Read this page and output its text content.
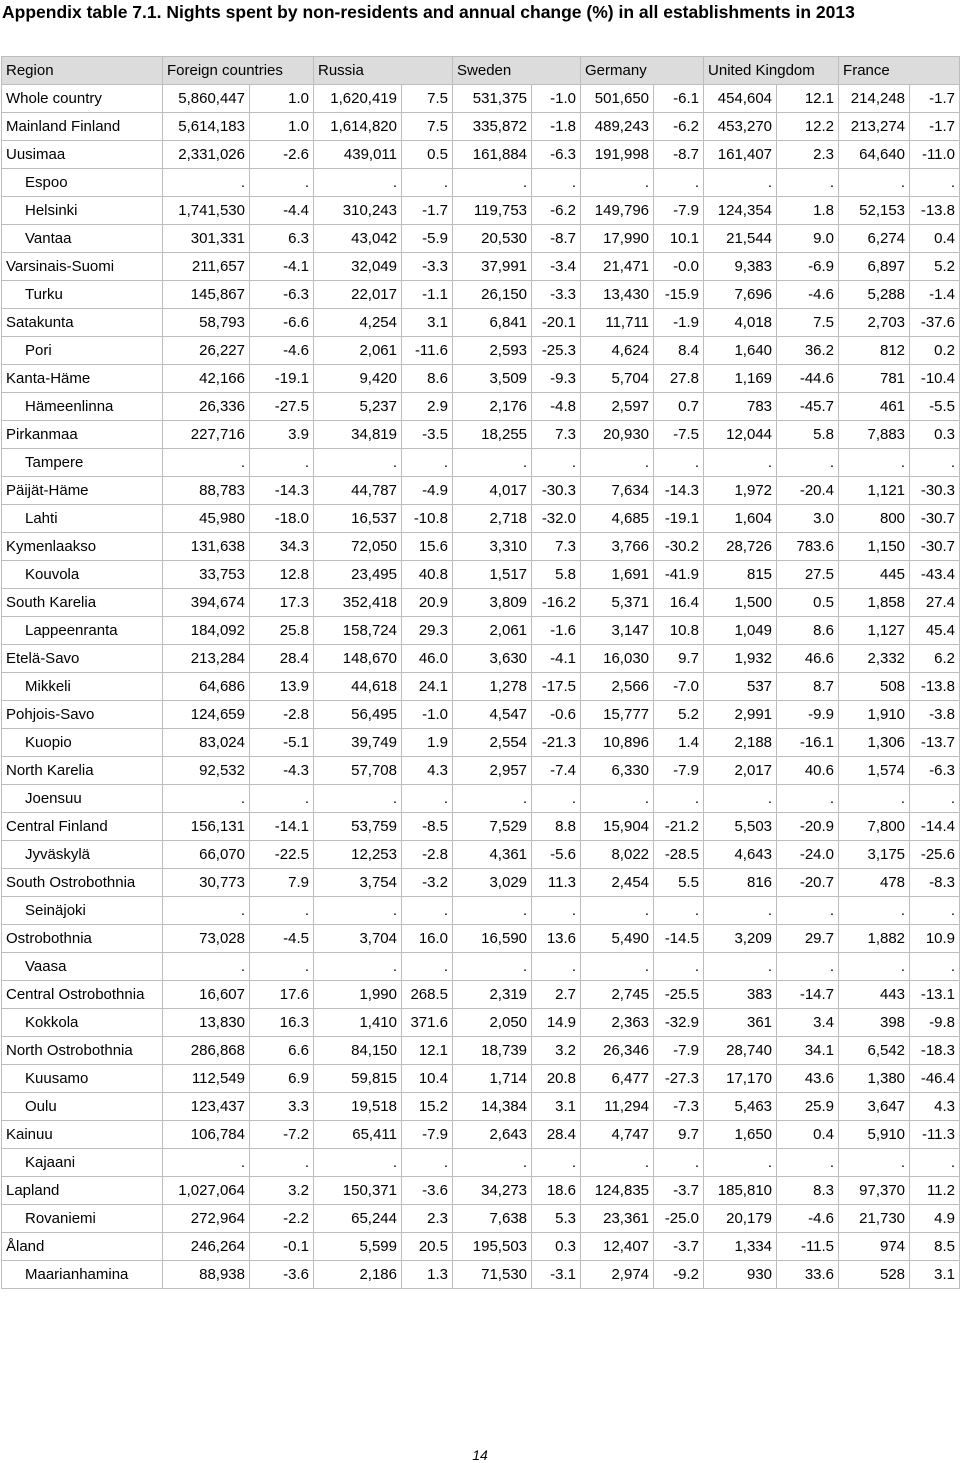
Appendix table 7.1. Nights spent by non-residents and annual change (%) in all establishments in 2013
Region	Foreign countries		Russia		Sweden		Germany		United Kingdom		France	
Whole country	5,860,447	1.0	1,620,419	7.5	531,375	-1.0	501,650	-6.1	454,604	12.1	214,248	-1.7
Mainland Finland	5,614,183	1.0	1,614,820	7.5	335,872	-1.8	489,243	-6.2	453,270	12.2	213,274	-1.7
Uusimaa	2,331,026	-2.6	439,011	0.5	161,884	-6.3	191,998	-8.7	161,407	2.3	64,640	-11.0
Espoo	.	.	.	.	.	.	.	.	.	.	.	.
Helsinki	1,741,530	-4.4	310,243	-1.7	119,753	-6.2	149,796	-7.9	124,354	1.8	52,153	-13.8
Vantaa	301,331	6.3	43,042	-5.9	20,530	-8.7	17,990	10.1	21,544	9.0	6,274	0.4
Varsinais-Suomi	211,657	-4.1	32,049	-3.3	37,991	-3.4	21,471	-0.0	9,383	-6.9	6,897	5.2
Turku	145,867	-6.3	22,017	-1.1	26,150	-3.3	13,430	-15.9	7,696	-4.6	5,288	-1.4
Satakunta	58,793	-6.6	4,254	3.1	6,841	-20.1	11,711	-1.9	4,018	7.5	2,703	-37.6
Pori	26,227	-4.6	2,061	-11.6	2,593	-25.3	4,624	8.4	1,640	36.2	812	0.2
Kanta-Häme	42,166	-19.1	9,420	8.6	3,509	-9.3	5,704	27.8	1,169	-44.6	781	-10.4
Hämeenlinna	26,336	-27.5	5,237	2.9	2,176	-4.8	2,597	0.7	783	-45.7	461	-5.5
Pirkanmaa	227,716	3.9	34,819	-3.5	18,255	7.3	20,930	-7.5	12,044	5.8	7,883	0.3
Tampere	.	.	.	.	.	.	.	.	.	.	.	.
Päijät-Häme	88,783	-14.3	44,787	-4.9	4,017	-30.3	7,634	-14.3	1,972	-20.4	1,121	-30.3
Lahti	45,980	-18.0	16,537	-10.8	2,718	-32.0	4,685	-19.1	1,604	3.0	800	-30.7
Kymenlaakso	131,638	34.3	72,050	15.6	3,310	7.3	3,766	-30.2	28,726	783.6	1,150	-30.7
Kouvola	33,753	12.8	23,495	40.8	1,517	5.8	1,691	-41.9	815	27.5	445	-43.4
South Karelia	394,674	17.3	352,418	20.9	3,809	-16.2	5,371	16.4	1,500	0.5	1,858	27.4
Lappeenranta	184,092	25.8	158,724	29.3	2,061	-1.6	3,147	10.8	1,049	8.6	1,127	45.4
Etelä-Savo	213,284	28.4	148,670	46.0	3,630	-4.1	16,030	9.7	1,932	46.6	2,332	6.2
Mikkeli	64,686	13.9	44,618	24.1	1,278	-17.5	2,566	-7.0	537	8.7	508	-13.8
Pohjois-Savo	124,659	-2.8	56,495	-1.0	4,547	-0.6	15,777	5.2	2,991	-9.9	1,910	-3.8
Kuopio	83,024	-5.1	39,749	1.9	2,554	-21.3	10,896	1.4	2,188	-16.1	1,306	-13.7
North Karelia	92,532	-4.3	57,708	4.3	2,957	-7.4	6,330	-7.9	2,017	40.6	1,574	-6.3
Joensuu	.	.	.	.	.	.	.	.	.	.	.	.
Central Finland	156,131	-14.1	53,759	-8.5	7,529	8.8	15,904	-21.2	5,503	-20.9	7,800	-14.4
Jyväskylä	66,070	-22.5	12,253	-2.8	4,361	-5.6	8,022	-28.5	4,643	-24.0	3,175	-25.6
South Ostrobothnia	30,773	7.9	3,754	-3.2	3,029	11.3	2,454	5.5	816	-20.7	478	-8.3
Seinäjoki	.	.	.	.	.	.	.	.	.	.	.	.
Ostrobothnia	73,028	-4.5	3,704	16.0	16,590	13.6	5,490	-14.5	3,209	29.7	1,882	10.9
Vaasa	.	.	.	.	.	.	.	.	.	.	.	.
Central Ostrobothnia	16,607	17.6	1,990	268.5	2,319	2.7	2,745	-25.5	383	-14.7	443	-13.1
Kokkola	13,830	16.3	1,410	371.6	2,050	14.9	2,363	-32.9	361	3.4	398	-9.8
North Ostrobothnia	286,868	6.6	84,150	12.1	18,739	3.2	26,346	-7.9	28,740	34.1	6,542	-18.3
Kuusamo	112,549	6.9	59,815	10.4	1,714	20.8	6,477	-27.3	17,170	43.6	1,380	-46.4
Oulu	123,437	3.3	19,518	15.2	14,384	3.1	11,294	-7.3	5,463	25.9	3,647	4.3
Kainuu	106,784	-7.2	65,411	-7.9	2,643	28.4	4,747	9.7	1,650	0.4	5,910	-11.3
Kajaani	.	.	.	.	.	.	.	.	.	.	.	.
Lapland	1,027,064	3.2	150,371	-3.6	34,273	18.6	124,835	-3.7	185,810	8.3	97,370	11.2
Rovaniemi	272,964	-2.2	65,244	2.3	7,638	5.3	23,361	-25.0	20,179	-4.6	21,730	4.9
Åland	246,264	-0.1	5,599	20.5	195,503	0.3	12,407	-3.7	1,334	-11.5	974	8.5
Maarianhamina	88,938	-3.6	2,186	1.3	71,530	-3.1	2,974	-9.2	930	33.6	528	3.1
14
